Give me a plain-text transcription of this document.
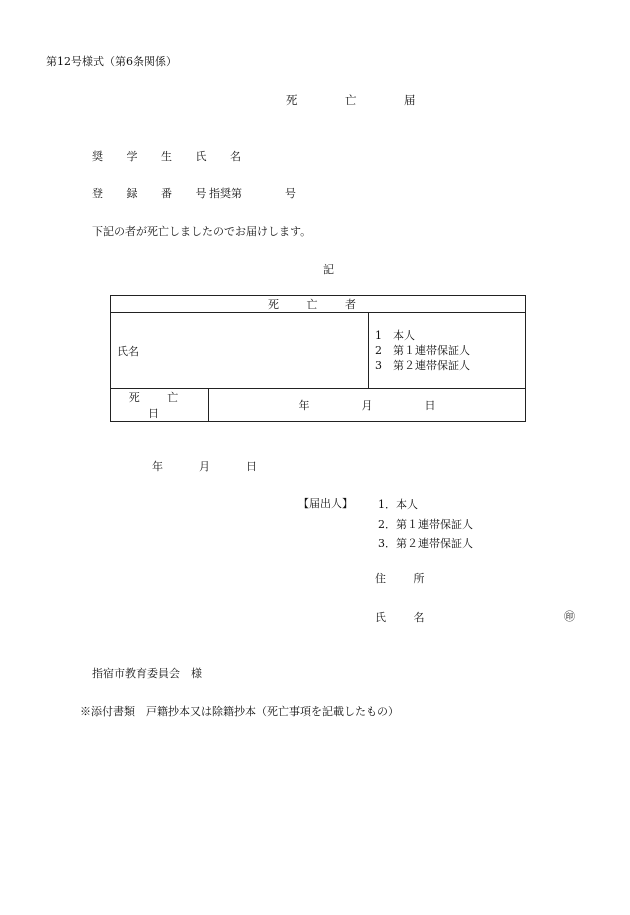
第12号様式（第6条関係）
死　亡　届
奨 学 生 氏 名
登 録 番 号
指奨第	号
下記の者が死亡しましたのでお届けします。
記
死 亡 者		
氏名		1　本人
2　第１連帯保証人
3　第２連帯保証人

死 亡 日	年 月 日	
年	月	日
【届出人】 1．本人
2．第１連帯保証人
3．第２連帯保証人
住 所
氏 名	㊞
指宿市教育委員会　様
※添付書類　戸籍抄本又は除籍抄本（死亡事項を記載したもの）
